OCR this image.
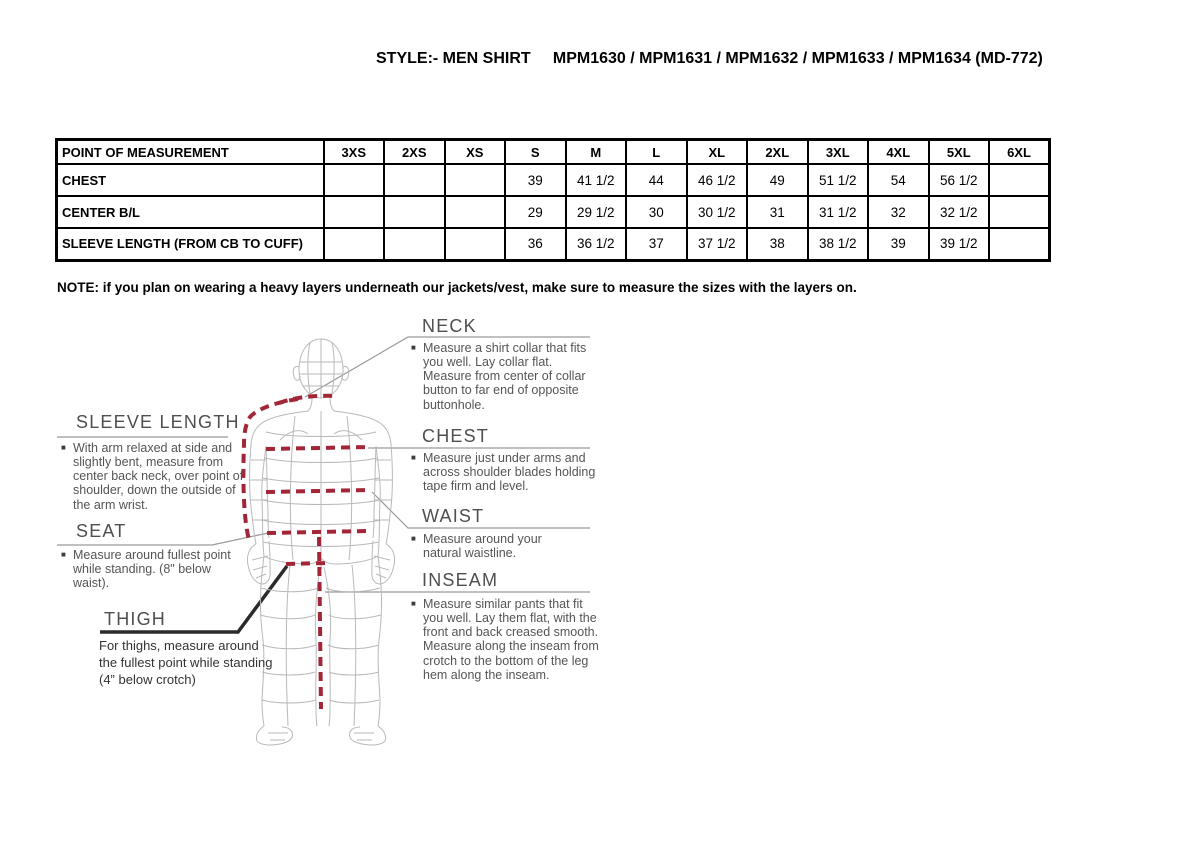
STYLE:- MEN SHIRT     MPM1630 / MPM1631 / MPM1632 / MPM1633 / MPM1634 (MD-772)
POINT OF MEASUREMENT	3XS	2XS	XS	S	M	L	XL	2XL	3XL	4XL	5XL	6XL
CHEST				39	41 1/2	44	46 1/2	49	51 1/2	54	56 1/2	
CENTER B/L				29	29 1/2	30	30 1/2	31	31 1/2	32	32 1/2	
SLEEVE LENGTH (FROM CB TO CUFF)				36	36 1/2	37	37 1/2	38	38 1/2	39	39 1/2	
NOTE: if you plan on wearing a heavy layers underneath our jackets/vest, make sure to measure the sizes with the layers on.
NECK
■ Measure a shirt collar that fits you well. Lay collar flat. Measure from center of collar button to far end of opposite buttonhole.
SLEEVE LENGTH
■ With arm relaxed at side and slightly bent, measure from center back neck, over point of shoulder, down the outside of the arm wrist.
CHEST
■ Measure just under arms and across shoulder blades holding tape firm and level.
WAIST
■ Measure around your natural waistline.
SEAT
■ Measure around fullest point while standing. (8" below waist).	INSEAM
■ Measure similar pants that fit you well. Lay them flat, with the front and back creased smooth. Measure along the inseam from crotch to the bottom of the leg hem along the inseam.
THIGH
For thighs, measure around the fullest point while standing (4” below crotch)
